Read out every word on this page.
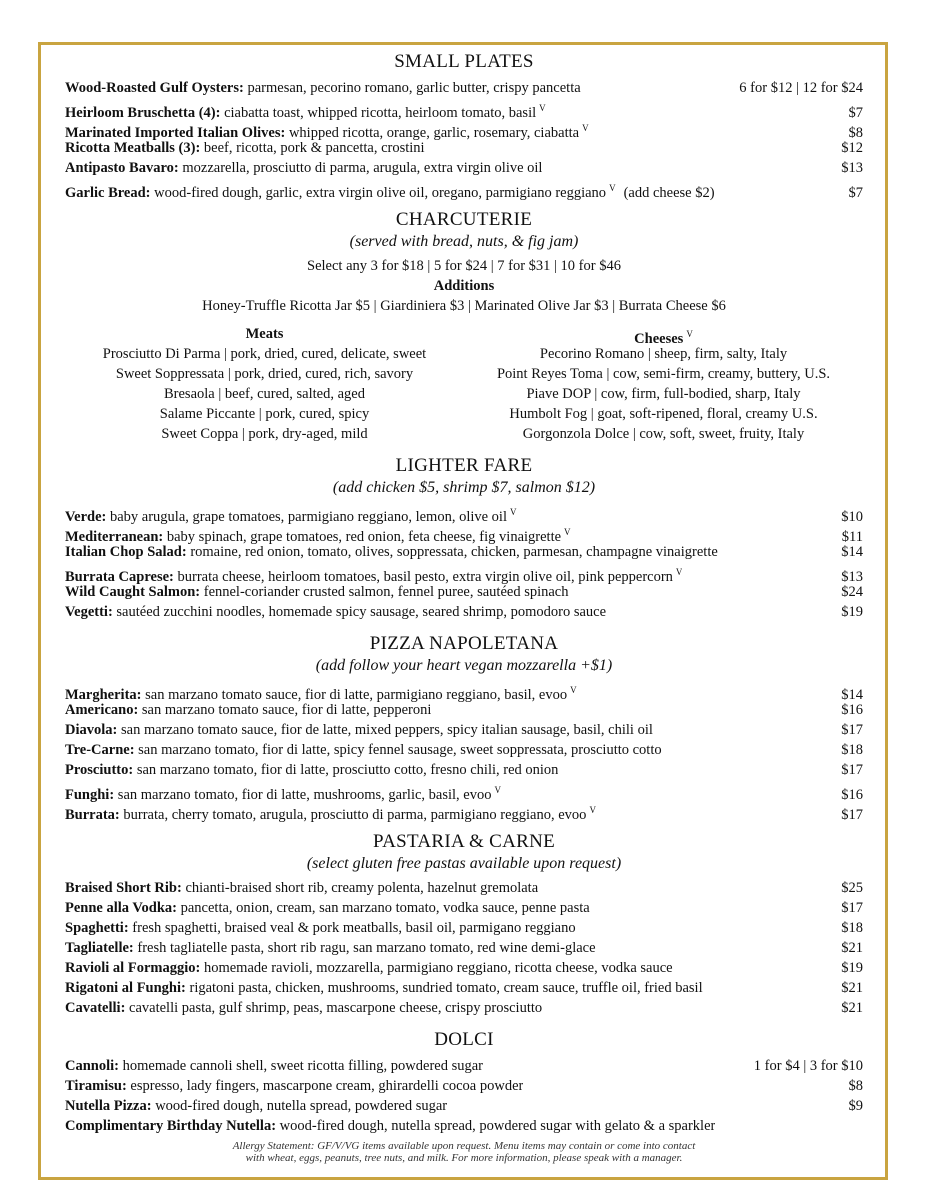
SMALL PLATES
Wood-Roasted Gulf Oysters: parmesan, pecorino romano, garlic butter, crispy pancetta	6 for $12 | 12 for $24
Heirloom Bruschetta (4): ciabatta toast, whipped ricotta, heirloom tomato, basil $^V$	$7
Marinated Imported Italian Olives: whipped ricotta, orange, garlic, rosemary, ciabatta $^V$	$8
Ricotta Meatballs (3): beef, ricotta, pork & pancetta, crostini	$12
Antipasto Bavaro: mozzarella, prosciutto di parma, arugula, extra virgin olive oil	$13
Garlic Bread: wood-fired dough, garlic, extra virgin olive oil, oregano, parmigiano reggiano $^V$ (add cheese $2)	$7
CHARCUTERIE
(served with bread, nuts, & fig jam)
Select any 3 for $18 | 5 for $24 | 7 for $31 | 10 for $46
Additions
Honey-Truffle Ricotta Jar $5 | Giardiniera $3 | Marinated Olive Jar $3 | Burrata Cheese $6
Meats
Prosciutto Di Parma | pork, dried, cured, delicate, sweet
Sweet Soppressata | pork, dried, cured, rich, savory
Bresaola | beef, cured, salted, aged
Salame Piccante | pork, cured, spicy
Sweet Coppa | pork, dry-aged, mild
Cheeses $^V$
Pecorino Romano | sheep, firm, salty, Italy
Point Reyes Toma | cow, semi-firm, creamy, buttery, U.S.
Piave DOP | cow, firm, full-bodied, sharp, Italy
Humbolt Fog | goat, soft-ripened, floral, creamy U.S.
Gorgonzola Dolce | cow, soft, sweet, fruity, Italy
LIGHTER FARE
(add chicken $5, shrimp $7, salmon $12)
Verde: baby arugula, grape tomatoes, parmigiano reggiano, lemon, olive oil $^V$	$10
Mediterranean: baby spinach, grape tomatoes, red onion, feta cheese, fig vinaigrette $^V$	$11
Italian Chop Salad: romaine, red onion, tomato, olives, soppressata, chicken, parmesan, champagne vinaigrette	$14
Burrata Caprese: burrata cheese, heirloom tomatoes, basil pesto, extra virgin olive oil, pink peppercorn $^V$	$13
Wild Caught Salmon: fennel-coriander crusted salmon, fennel puree, sautéed spinach	$24
Vegetti: sautéed zucchini noodles, homemade spicy sausage, seared shrimp, pomodoro sauce	$19
PIZZA NAPOLETANA
(add follow your heart vegan mozzarella +$1)
Margherita: san marzano tomato sauce, fior di latte, parmigiano reggiano, basil, evoo $^V$	$14
Americano: san marzano tomato sauce, fior di latte, pepperoni	$16
Diavola: san marzano tomato sauce, fior de latte, mixed peppers, spicy italian sausage, basil, chili oil	$17
Tre-Carne: san marzano tomato, fior di latte, spicy fennel sausage, sweet soppressata, prosciutto cotto	$18
Prosciutto: san marzano tomato, fior di latte, prosciutto cotto, fresno chili, red onion	$17
Funghi: san marzano tomato, fior di latte, mushrooms, garlic, basil, evoo $^V$	$16
Burrata: burrata, cherry tomato, arugula, prosciutto di parma, parmigiano reggiano, evoo $^V$	$17
PASTARIA & CARNE
(select gluten free pastas available upon request)
Braised Short Rib: chianti-braised short rib, creamy polenta, hazelnut gremolata	$25
Penne alla Vodka: pancetta, onion, cream, san marzano tomato, vodka sauce, penne pasta	$17
Spaghetti: fresh spaghetti, braised veal & pork meatballs, basil oil, parmigano reggiano	$18
Tagliatelle: fresh tagliatelle pasta, short rib ragu, san marzano tomato, red wine demi-glace	$21
Ravioli al Formaggio: homemade ravioli, mozzarella, parmigiano reggiano, ricotta cheese, vodka sauce	$19
Rigatoni al Funghi: rigatoni pasta, chicken, mushrooms, sundried tomato, cream sauce, truffle oil, fried basil	$21
Cavatelli: cavatelli pasta, gulf shrimp, peas, mascarpone cheese, crispy prosciutto	$21
DOLCI
Cannoli: homemade cannoli shell, sweet ricotta filling, powdered sugar	1 for $4 | 3 for $10
Tiramisu: espresso, lady fingers, mascarpone cream, ghirardelli cocoa powder	$8
Nutella Pizza: wood-fired dough, nutella spread, powdered sugar	$9
Complimentary Birthday Nutella: wood-fired dough, nutella spread, powdered sugar with gelato & a sparkler
Allergy Statement: GF/V/VG items available upon request. Menu items may contain or come into contact
with wheat, eggs, peanuts, tree nuts, and milk. For more information, please speak with a manager.
